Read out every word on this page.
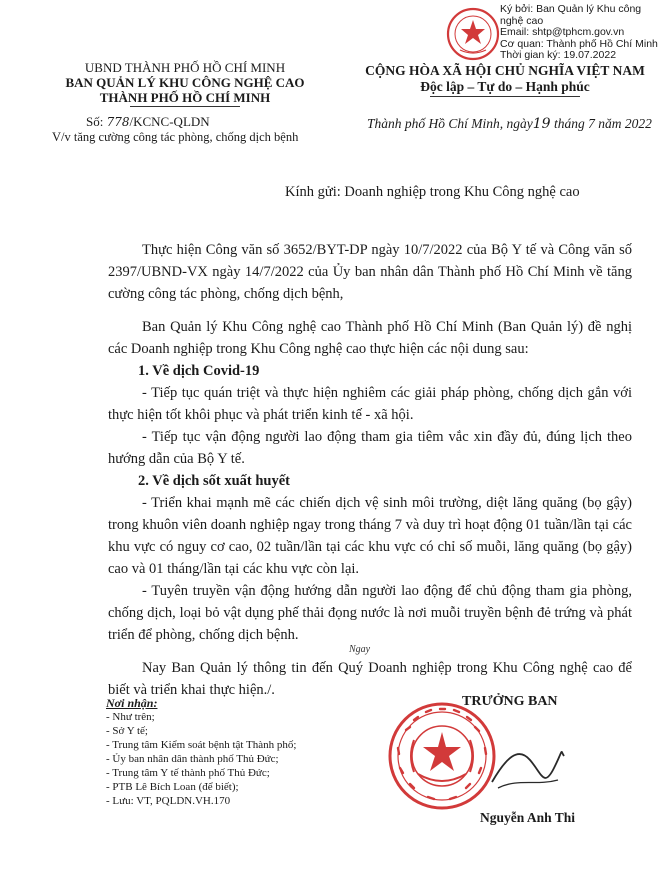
Ký bởi: Ban Quản lý Khu công
nghệ cao
Email: shtp@tphcm.gov.vn
Cơ quan: Thành phố Hồ Chí Minh
Thời gian ký: 19.07.2022
UBND THÀNH PHỐ HỒ CHÍ MINH
BAN QUẢN LÝ KHU CÔNG NGHỆ CAO
THÀNH PHỐ HỒ CHÍ MINH
Số: 778/KCNC-QLDN
V/v tăng cường công tác phòng, chống dịch bệnh
CỘNG HÒA XÃ HỘI CHỦ NGHĨA VIỆT NAM
Độc lập – Tự do – Hạnh phúc
Thành phố Hồ Chí Minh, ngày19 tháng 7 năm 2022
Kính gửi: Doanh nghiệp trong Khu Công nghệ cao

Thực hiện Công văn số 3652/BYT-DP ngày 10/7/2022 của Bộ Y tế và Công văn số 2397/UBND-VX ngày 14/7/2022 của Ủy ban nhân dân Thành phố Hồ Chí Minh về tăng cường công tác phòng, chống dịch bệnh,

Ban Quản lý Khu Công nghệ cao Thành phố Hồ Chí Minh (Ban Quản lý) đề nghị các Doanh nghiệp trong Khu Công nghệ cao thực hiện các nội dung sau:

1. Về dịch Covid-19

- Tiếp tục quán triệt và thực hiện nghiêm các giải pháp phòng, chống dịch gắn với thực hiện tốt khôi phục và phát triển kinh tế - xã hội.

- Tiếp tục vận động người lao động tham gia tiêm vắc xin đầy đủ, đúng lịch theo hướng dẫn của Bộ Y tế.

2. Về dịch sốt xuất huyết

- Triển khai mạnh mẽ các chiến dịch vệ sinh môi trường, diệt lăng quăng (bọ gậy) trong khuôn viên doanh nghiệp ngay trong tháng 7 và duy trì hoạt động 01 tuần/lần tại các khu vực có nguy cơ cao, 02 tuần/lần tại các khu vực có chỉ số muỗi, lăng quăng (bọ gậy) cao và 01 tháng/lần tại các khu vực còn lại.

- Tuyên truyền vận động hướng dẫn người lao động để chủ động tham gia phòng, chống dịch, loại bỏ vật dụng phế thải đọng nước là nơi muỗi truyền bệnh đẻ trứng và phát triển để phòng, chống dịch bệnh.

Nay Ban Quản lý thông tin đến Quý Doanh nghiệp trong Khu Công nghệ cao để biết và triển khai thực hiện./.

Ngay
Nơi nhận:
- Như trên;
- Sở Y tế;
- Trung tâm Kiểm soát bệnh tật Thành phố;
- Ủy ban nhân dân thành phố Thủ Đức;
- Trung tâm Y tế thành phố Thủ Đức;
- PTB Lê Bích Loan (để biết);
- Lưu: VT, PQLDN.VH.170
TRƯỞNG BAN
Nguyễn Anh Thi
